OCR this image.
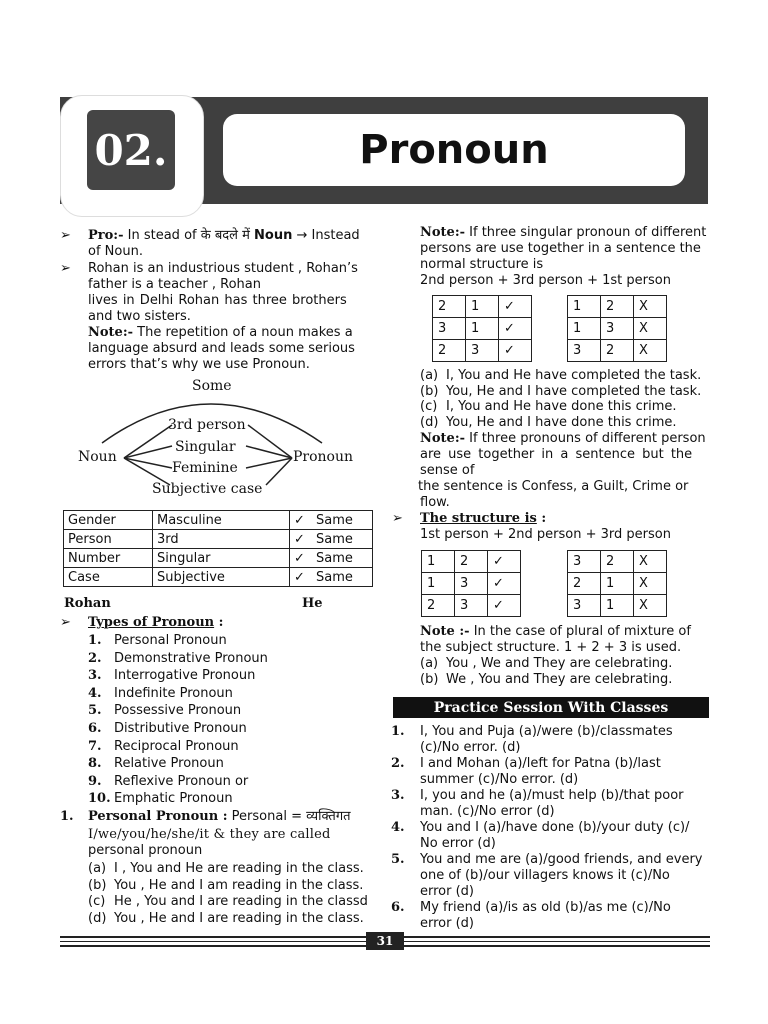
02.	Pronoun
➢ Pro:- In stead of के बदले में Noun → Instead
of Noun.
➢ Rohan is an industrious student , Rohan’s
father is a teacher , Rohan
lives in Delhi Rohan has three brothers
and two sisters.
Note:- The repetition of a noun makes a
language absurd and leads some serious
errors that’s why we use Pronoun.
Some
3rd person
Singular
Feminine
Subjective case
Noun	Pronoun
Gender	Masculine	✓	Same
Person	3rd	✓	Same
Number	Singular	✓	Same
Case	Subjective	✓	Same
Rohan	He
➢ Types of Pronoun :
1. Personal Pronoun
2. Demonstrative Pronoun
3. Interrogative Pronoun
4. Indefinite Pronoun
5. Possessive Pronoun
6. Distributive Pronoun
7. Reciprocal Pronoun
8. Relative Pronoun
9. Reflexive Pronoun or
10. Emphatic Pronoun
1. Personal Pronoun : Personal = व्यक्तिगत
I/we/you/he/she/it & they are called
personal pronoun
(a) I , You and He are reading in the class.
(b) You , He and I am reading in the class.
(c) He , You and I are reading in the classd
(d) You , He and I are reading in the class.
Note:- If three singular pronoun of different
persons are use together in a sentence the
normal structure is
2nd person + 3rd person + 1st person
2	1	✓
3	1	✓
2	3	✓
1	2	X
1	3	X
3	2	X
(a) I, You and He have completed the task.
(b) You, He and I have completed the task.
(c) I, You and He have done this crime.
(d) You, He and I have done this crime.
Note:- If three pronouns of different person
are use together in a sentence but the
sense of
the sentence is Confess, a Guilt, Crime or
flow.
➢ The structure is :
1st person + 2nd person + 3rd person
1	2	✓
1	3	✓
2	3	✓
3	2	X
2	1	X
3	1	X
Note :- In the case of plural of mixture of
the subject structure. 1 + 2 + 3 is used.
(a) You , We and They are celebrating.
(b) We , You and They are celebrating.
Practice Session With Classes
1. I, You and Puja (a)/were (b)/classmates
(c)/No error. (d)
2. I and Mohan (a)/left for Patna (b)/last
summer (c)/No error. (d)
3. I, you and he (a)/must help (b)/that poor
man. (c)/No error (d)
4. You and I (a)/have done (b)/your duty (c)/
No error (d)
5. You and me are (a)/good friends, and every
one of (b)/our villagers knows it (c)/No
error (d)
6. My friend (a)/is as old (b)/as me (c)/No
error (d)
31
